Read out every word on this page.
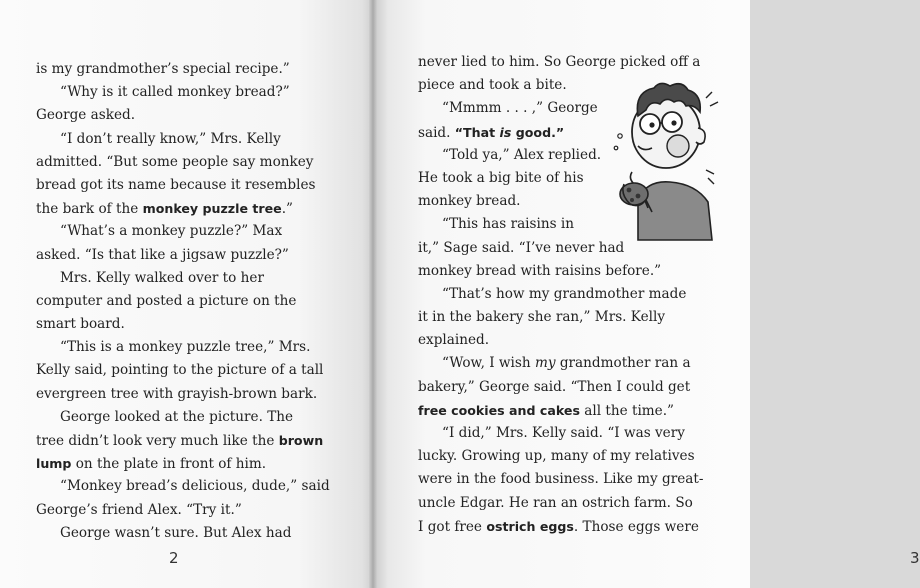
is my grandmother’s special recipe.”
“Why is it called monkey bread?”
George asked.
“I don’t really know,” Mrs. Kelly
admitted. “But some people say monkey
bread got its name because it resembles
the bark of the monkey puzzle tree.”
“What’s a monkey puzzle?” Max
asked. “Is that like a jigsaw puzzle?”
Mrs. Kelly walked over to her
computer and posted a picture on the
smart board.
“This is a monkey puzzle tree,” Mrs.
Kelly said, pointing to the picture of a tall
evergreen tree with grayish-brown bark.
George looked at the picture. The
tree didn’t look very much like the brown
lump on the plate in front of him.
“Monkey bread’s delicious, dude,” said
George’s friend Alex. “Try it.”
George wasn’t sure. But Alex had
2	3
never lied to him. So George picked off a
piece and took a bite.
“Mmmm . . . ,” George
said. “That is good.”
“Told ya,” Alex replied.
He took a big bite of his
monkey bread.
“This has raisins in
it,” Sage said. “I’ve never had
monkey bread with raisins before.”
“That’s how my grandmother made
it in the bakery she ran,” Mrs. Kelly
explained.
“Wow, I wish my grandmother ran a
bakery,” George said. “Then I could get
free cookies and cakes all the time.”
“I did,” Mrs. Kelly said. “I was very
lucky. Growing up, many of my relatives
were in the food business. Like my great-
uncle Edgar. He ran an ostrich farm. So
I got free ostrich eggs. Those eggs were
